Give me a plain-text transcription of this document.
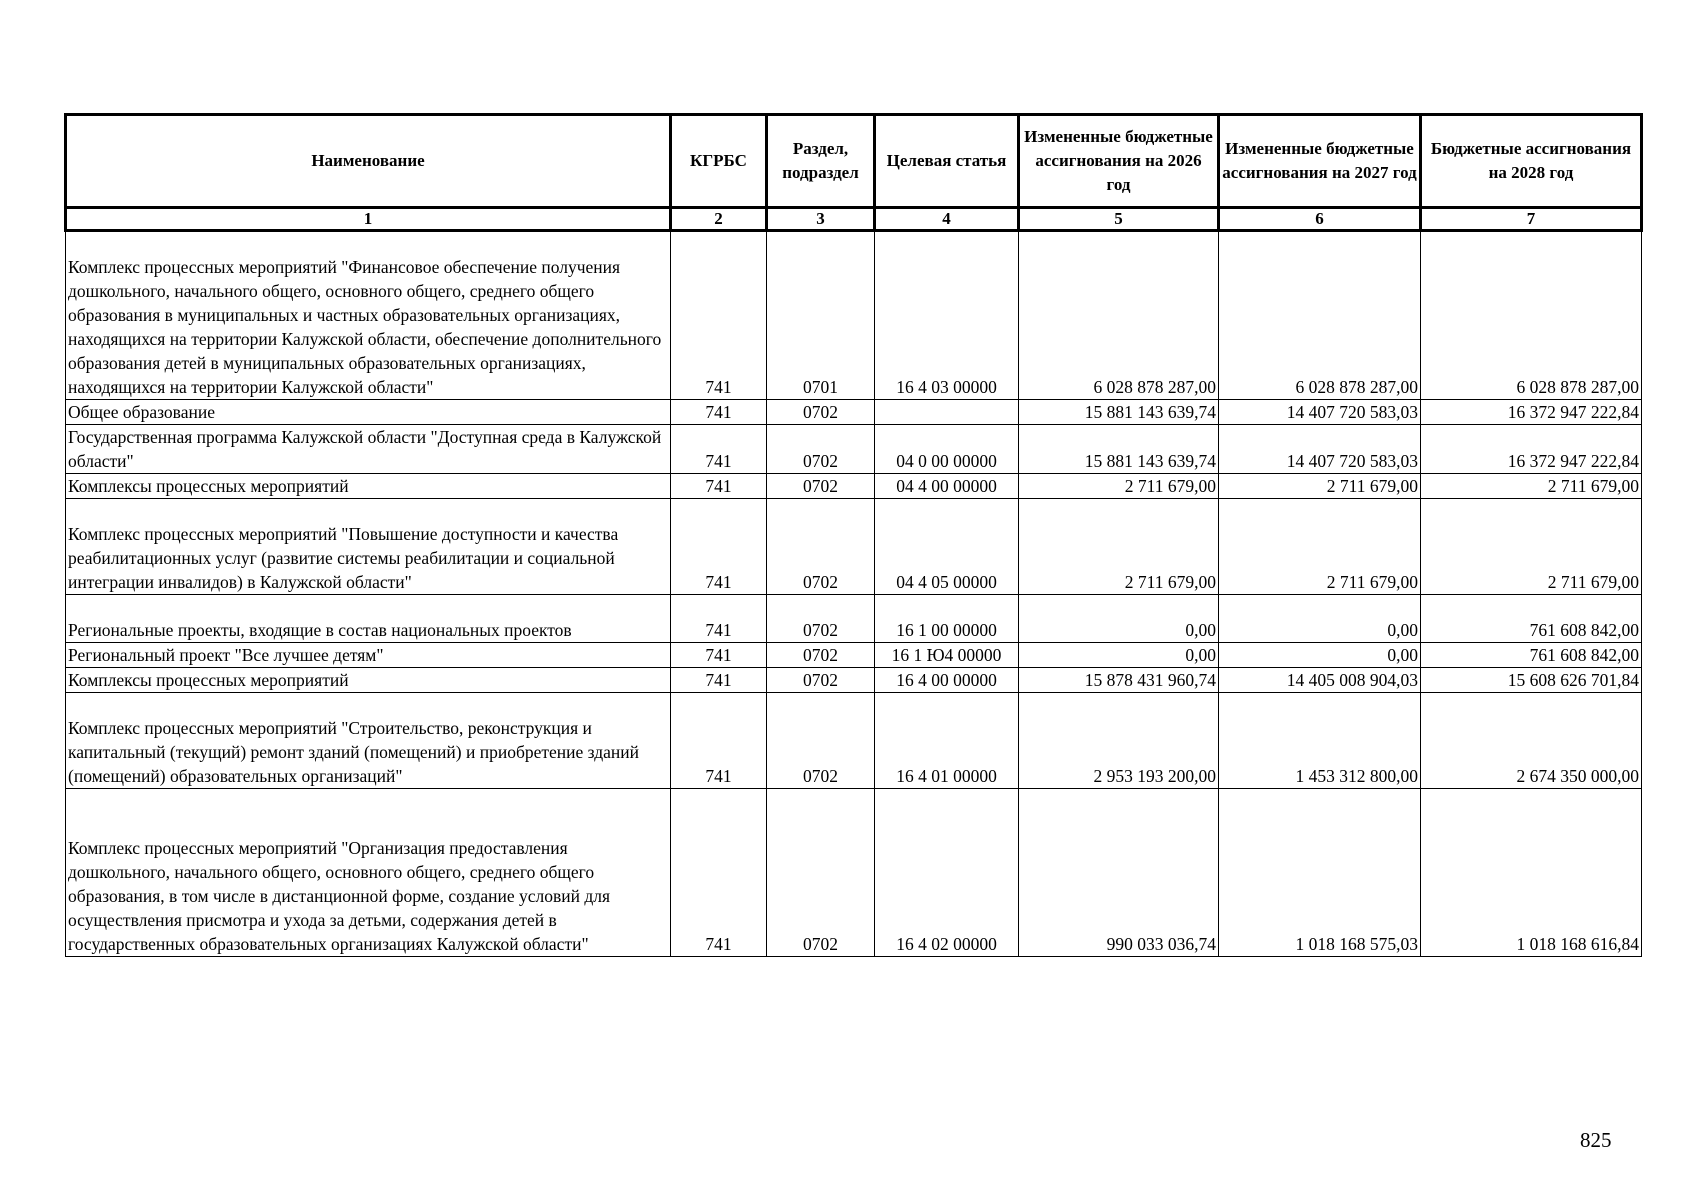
Наименование	КГРБС	Раздел, подраздел	Целевая статья	Измененные бюджетные ассигнования на 2026 год	Измененные бюджетные ассигнования на 2027 год	Бюджетные ассигнования на 2028 год
1	2	3	4	5	6	7
Комплекс процессных мероприятий "Финансовое обеспечение получения дошкольного, начального общего, основного общего, среднего общего образования в муниципальных и частных образовательных организациях, находящихся на территории Калужской области, обеспечение дополнительного образования детей в муниципальных образовательных организациях, находящихся на территории Калужской области"	741	0701	16 4 03 00000	6 028 878 287,00	6 028 878 287,00	6 028 878 287,00
Общее образование	741	0702		15 881 143 639,74	14 407 720 583,03	16 372 947 222,84
Государственная программа Калужской области "Доступная среда в Калужской области"	741	0702	04 0 00 00000	15 881 143 639,74	14 407 720 583,03	16 372 947 222,84
Комплексы процессных мероприятий	741	0702	04 4 00 00000	2 711 679,00	2 711 679,00	2 711 679,00
Комплекс процессных мероприятий "Повышение доступности и качества реабилитационных услуг (развитие системы реабилитации и социальной интеграции инвалидов) в Калужской области"	741	0702	04 4 05 00000	2 711 679,00	2 711 679,00	2 711 679,00
Региональные проекты, входящие в состав национальных проектов	741	0702	16 1 00 00000	0,00	0,00	761 608 842,00
Региональный проект "Все лучшее детям"	741	0702	16 1 Ю4 00000	0,00	0,00	761 608 842,00
Комплексы процессных мероприятий	741	0702	16 4 00 00000	15 878 431 960,74	14 405 008 904,03	15 608 626 701,84
Комплекс процессных мероприятий "Строительство, реконструкция и капитальный (текущий) ремонт зданий (помещений) и приобретение зданий (помещений) образовательных организаций"	741	0702	16 4 01 00000	2 953 193 200,00	1 453 312 800,00	2 674 350 000,00
Комплекс процессных мероприятий "Организация предоставления дошкольного, начального общего, основного общего, среднего общего образования, в том числе в дистанционной форме, создание условий для осуществления присмотра и ухода за детьми, содержания детей в государственных образовательных организациях Калужской области"	741	0702	16 4 02 00000	990 033 036,74	1 018 168 575,03	1 018 168 616,84
825
